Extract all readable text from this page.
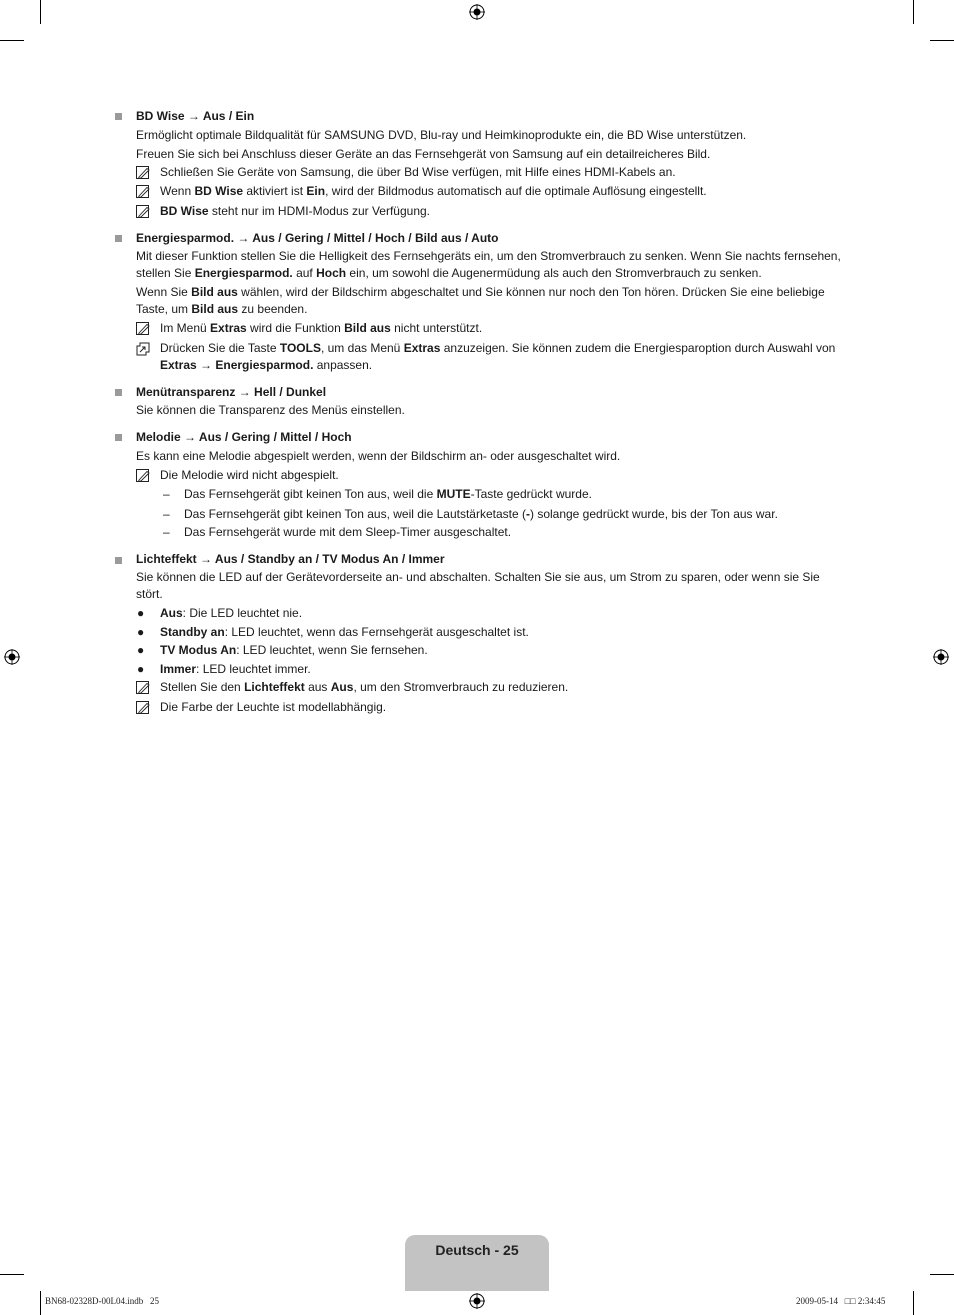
BD Wise → Aus / Ein
Ermöglicht optimale Bildqualität für SAMSUNG DVD, Blu-ray und Heimkinoprodukte ein, die BD Wise unterstützen.
Freuen Sie sich bei Anschluss dieser Geräte an das Fernsehgerät von Samsung auf ein detailreicheres Bild.
Schließen Sie Geräte von Samsung, die über Bd Wise verfügen, mit Hilfe eines HDMI-Kabels an.
Wenn BD Wise aktiviert ist Ein, wird der Bildmodus automatisch auf die optimale Auflösung eingestellt.
BD Wise steht nur im HDMI-Modus zur Verfügung.
Energiesparmod. → Aus / Gering / Mittel / Hoch / Bild aus / Auto
Mit dieser Funktion stellen Sie die Helligkeit des Fernsehgeräts ein, um den Stromverbrauch zu senken. Wenn Sie nachts fernsehen, stellen Sie Energiesparmod. auf Hoch ein, um sowohl die Augenermüdung als auch den Stromverbrauch zu senken.
Wenn Sie Bild aus wählen, wird der Bildschirm abgeschaltet und Sie können nur noch den Ton hören. Drücken Sie eine beliebige Taste, um Bild aus zu beenden.
Im Menü Extras wird die Funktion Bild aus nicht unterstützt.
Drücken Sie die Taste TOOLS, um das Menü Extras anzuzeigen. Sie können zudem die Energiesparoption durch Auswahl von Extras → Energiesparmod. anpassen.
Menütransparenz → Hell / Dunkel
Sie können die Transparenz des Menüs einstellen.
Melodie → Aus / Gering / Mittel / Hoch
Es kann eine Melodie abgespielt werden, wenn der Bildschirm an- oder ausgeschaltet wird.
Die Melodie wird nicht abgespielt.
– Das Fernsehgerät gibt keinen Ton aus, weil die MUTE-Taste gedrückt wurde.
– Das Fernsehgerät gibt keinen Ton aus, weil die Lautstärketaste (-) solange gedrückt wurde, bis der Ton aus war.
– Das Fernsehgerät wurde mit dem Sleep-Timer ausgeschaltet.
Lichteffekt → Aus / Standby an / TV Modus An / Immer
Sie können die LED auf der Gerätevorderseite an- und abschalten. Schalten Sie sie aus, um Strom zu sparen, oder wenn sie Sie stört.
● Aus: Die LED leuchtet nie.
● Standby an: LED leuchtet, wenn das Fernsehgerät ausgeschaltet ist.
● TV Modus An: LED leuchtet, wenn Sie fernsehen.
● Immer: LED leuchtet immer.
Stellen Sie den Lichteffekt aus Aus, um den Stromverbrauch zu reduzieren.
Die Farbe der Leuchte ist modellabhängig.
Deutsch - 25
BN68-02328D-00L04.indb   25	2009-05-14   □□ 2:34:45
